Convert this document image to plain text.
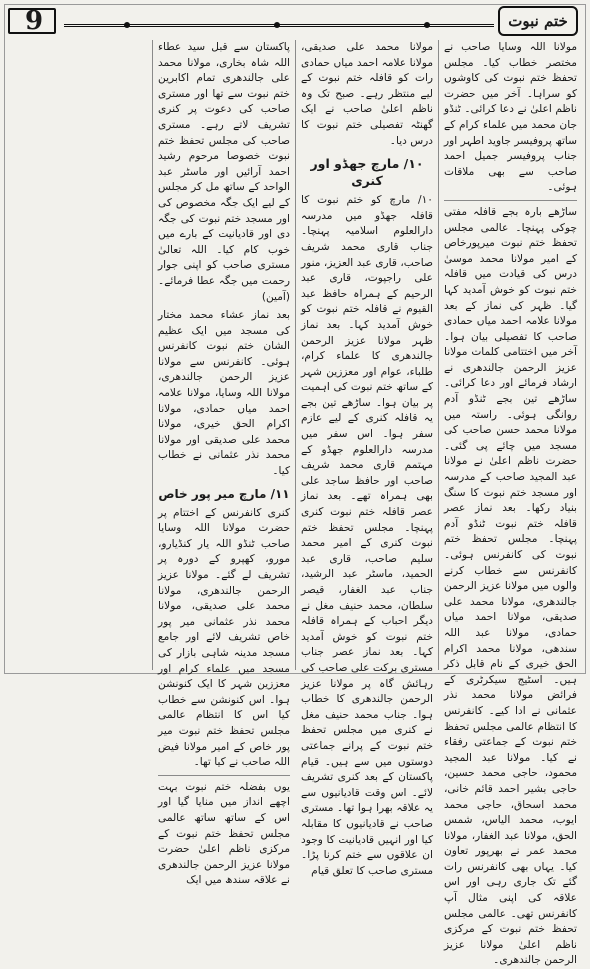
9	ختم نبوت

مولانا اللہ وسایا صاحب نے مختصر خطاب کیا۔ مجلس تحفظ ختم نبوت کی کاوشوں کو سراہا۔ آخر میں حضرت ناظم اعلیٰ نے دعا کرائی۔ ٹنڈو جان محمد میں علماء کرام کے ساتھ پروفیسر جاوید اطہر اور جناب پروفیسر جمیل احمد صاحب سے بھی ملاقات ہوئی۔

ساڑھے بارہ بجے قافلہ مفتی چوکی پہنچا۔ عالمی مجلس تحفظ ختم نبوت میرپورخاص کے امیر مولانا محمد موسیٰ درس کی قیادت میں قافلہ ختم نبوت کو خوش آمدید کہا گیا۔ ظہر کی نماز کے بعد مولانا علامہ احمد میاں حمادی صاحب کا تفصیلی بیان ہوا۔ آخر میں اختتامی کلمات مولانا عزیز الرحمن جالندھری نے ارشاد فرمائے اور دعا کرائی۔ ساڑھے تین بجے ٹنڈو آدم روانگی ہوئی۔ راستہ میں مولانا محمد حسن صاحب کی مسجد میں چائے پی گئی۔ حضرت ناظم اعلیٰ نے مولانا عبد المجید صاحب کے مدرسہ اور مسجد ختم نبوت کا سنگ بنیاد رکھا۔ بعد نماز عصر قافلہ ختم نبوت ٹنڈو آدم پہنچا۔ مجلس تحفظ ختم نبوت کی کانفرنس ہوئی۔ کانفرنس سے خطاب کرنے والوں میں مولانا عزیز الرحمن جالندھری، مولانا محمد علی صدیقی، مولانا احمد میاں حمادی، مولانا عبد اللہ سندھی، مولانا محمد اکرام الحق خیری کے نام قابل ذکر ہیں۔ اسٹیج سیکرٹری کے فرائض مولانا محمد نذر عثمانی نے ادا کیے۔ کانفرنس کا انتظام عالمی مجلس تحفظ ختم نبوت کے جماعتی رفقاء نے کیا۔ مولانا عبد المجید محمود، حاجی محمد حسین، حاجی بشیر احمد قائم خانی، محمد اسحاق، حاجی محمد ایوب، محمد الیاس، شمس الحق، مولانا عبد الغفار، مولانا محمد عمر نے بھرپور تعاون کیا۔ یہاں بھی کانفرنس رات گئے تک جاری رہی اور اس علاقہ کی اپنی مثال آپ کانفرنس تھی۔ عالمی مجلس تحفظ ختم نبوت کے مرکزی ناظم اعلیٰ مولانا عزیز الرحمن جالندھری۔

مولانا محمد علی صدیقی، مولانا علامہ احمد میاں حمادی رات کو قافلہ ختم نبوت کے لیے منتظر رہے۔ صبح تک وہ ناظم اعلیٰ صاحب نے ایک گھنٹہ تفصیلی ختم نبوت کا درس دیا۔

۱۰/ مارچ جھڈو اور کنری

۱۰/ مارچ کو ختم نبوت کا قافلہ جھڈو میں مدرسہ دارالعلوم اسلامیہ پہنچا۔ جناب قاری محمد شریف صاحب، قاری عبد العزیز، منور علی راجپوت، قاری عبد الرحیم کے ہمراہ حافظ عبد القیوم نے قافلہ ختم نبوت کو خوش آمدید کہا۔ بعد نماز ظہر مولانا عزیز الرحمن جالندھری کا علماء کرام، طلباء، عوام اور معززین شہر کے ساتھ ختم نبوت کی اہمیت پر بیان ہوا۔ ساڑھے تین بجے یہ قافلہ کنری کے لیے عازم سفر ہوا۔ اس سفر میں مدرسہ دارالعلوم جھڈو کے مہتمم قاری محمد شریف صاحب اور حافظ ساجد علی بھی ہمراہ تھے۔ بعد نماز عصر قافلہ ختم نبوت کنری پہنچا۔ مجلس تحفظ ختم نبوت کنری کے امیر محمد سلیم صاحب، قاری عبد الحمید، ماسٹر عبد الرشید، جناب عبد الغفار، قیصر سلطان، محمد حنیف مغل نے دیگر احباب کے ہمراہ قافلہ ختم نبوت کو خوش آمدید کہا۔ بعد نماز عصر جناب مستری برکت علی صاحب کی رہائش گاہ پر مولانا عزیز الرحمن جالندھری کا خطاب ہوا۔ جناب محمد حنیف مغل نے کنری میں مجلس تحفظ ختم نبوت کے پرانے جماعتی دوستوں میں سے ہیں۔ قیام پاکستان کے بعد کنری تشریف لائے۔ اس وقت قادیانیوں سے یہ علاقہ بھرا ہوا تھا۔ مستری صاحب نے قادیانیوں کا مقابلہ کیا اور انہیں قادیانیت کا وجود ان علاقوں سے ختم کرنا پڑا۔ مستری صاحب کا تعلق قیام

پاکستان سے قبل سید عطاء اللہ شاہ بخاری، مولانا محمد علی جالندھری تمام اکابرین ختم نبوت سے تھا اور مستری صاحب کی دعوت پر کنری تشریف لاتے رہے۔ مستری صاحب کی مجلس تحفظ ختم نبوت خصوصا مرحوم رشید احمد آرائیں اور ماسٹر عبد الواحد کے ساتھ مل کر مجلس کے لیے ایک جگہ مخصوص کی اور مسجد ختم نبوت کی جگہ دی اور قادیانیت کے بارے میں خوب کام کیا۔ اللہ تعالیٰ مستری صاحب کو اپنی جوار رحمت میں جگہ عطا فرمائے۔ (آمین)

بعد نماز عشاء محمد مختار کی مسجد میں ایک عظیم الشان ختم نبوت کانفرنس ہوئی۔ کانفرنس سے مولانا عزیز الرحمن جالندھری، مولانا اللہ وسایا، مولانا علامہ احمد میاں حمادی، مولانا اکرام الحق خیری، مولانا محمد علی صدیقی اور مولانا محمد نذر عثمانی نے خطاب کیا۔

۱۱/ مارچ میر پور خاص

کنری کانفرنس کے اختتام پر حضرت مولانا اللہ وسایا صاحب ٹنڈو اللہ یار کنڈیارو، مورو، کھپرو کے دورہ پر تشریف لے گئے۔ مولانا عزیز الرحمن جالندھری، مولانا محمد علی صدیقی، مولانا محمد نذر عثمانی میر پور خاص تشریف لائے اور جامع مسجد مدینہ شاہی بازار کی مسجد میں علماء کرام اور معززین شہر کا ایک کنونشن ہوا۔ اس کنونشن سے خطاب کیا اس کا انتظام عالمی مجلس تحفظ ختم نبوت میر پور خاص کے امیر مولانا فیض اللہ صاحب نے کیا تھا۔

یوں بفضلہ ختم نبوت بہت اچھے انداز میں منایا گیا اور اس کے ساتھ ساتھ عالمی مجلس تحفظ ختم نبوت کے مرکزی ناظم اعلیٰ حضرت مولانا عزیز الرحمن جالندھری نے علاقہ سندھ میں ایک
